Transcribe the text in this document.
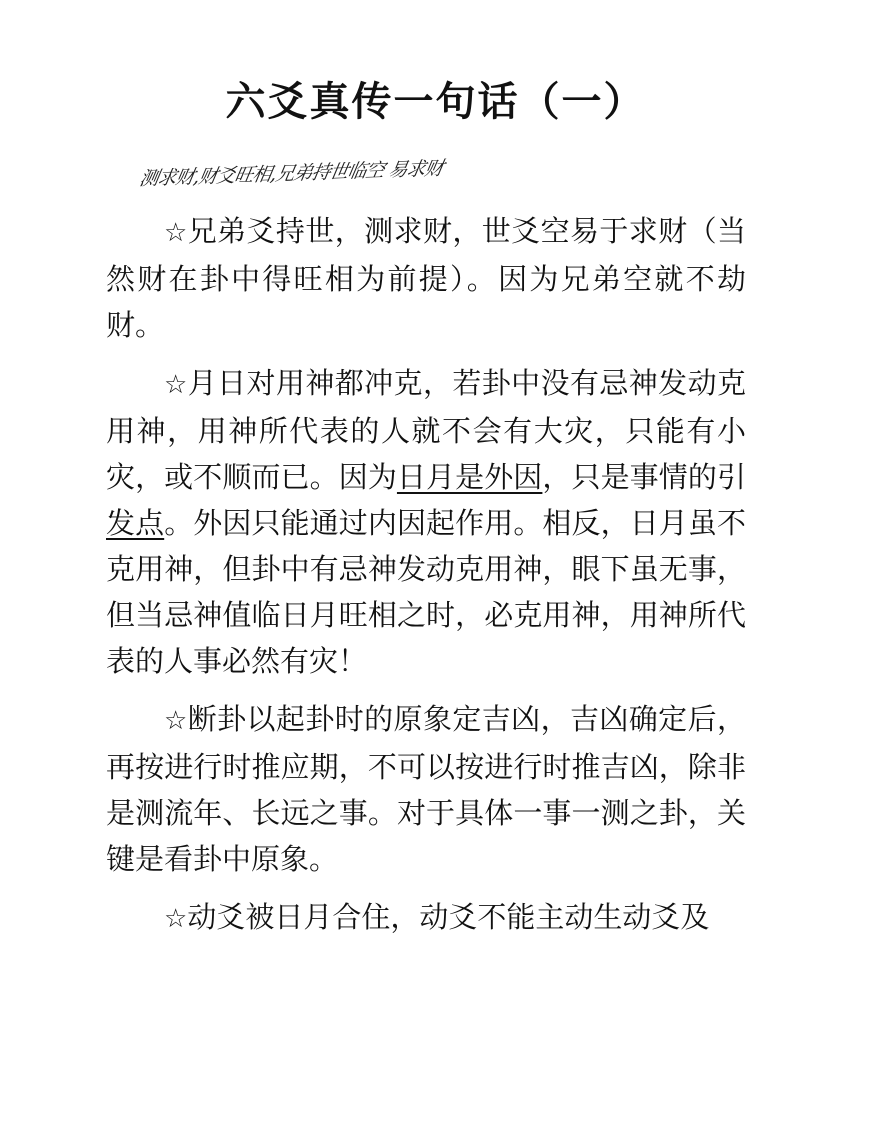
六爻真传一句话（一）
测求财,财爻旺相,兄弟持世临空 易求财

☆兄弟爻持世，测求财，世爻空易于求财（当然财在卦中得旺相为前提）。因为兄弟空就不劫财。

☆月日对用神都冲克，若卦中没有忌神发动克用神，用神所代表的人就不会有大灾，只能有小灾，或不顺而已。因为日月是外因，只是事情的引发点。外因只能通过内因起作用。相反，日月虽不克用神，但卦中有忌神发动克用神，眼下虽无事，但当忌神值临日月旺相之时，必克用神，用神所代表的人事必然有灾！

☆断卦以起卦时的原象定吉凶，吉凶确定后，再按进行时推应期，不可以按进行时推吉凶，除非是测流年、长远之事。对于具体一事一测之卦，关键是看卦中原象。

☆动爻被日月合住，动爻不能主动生动爻及
